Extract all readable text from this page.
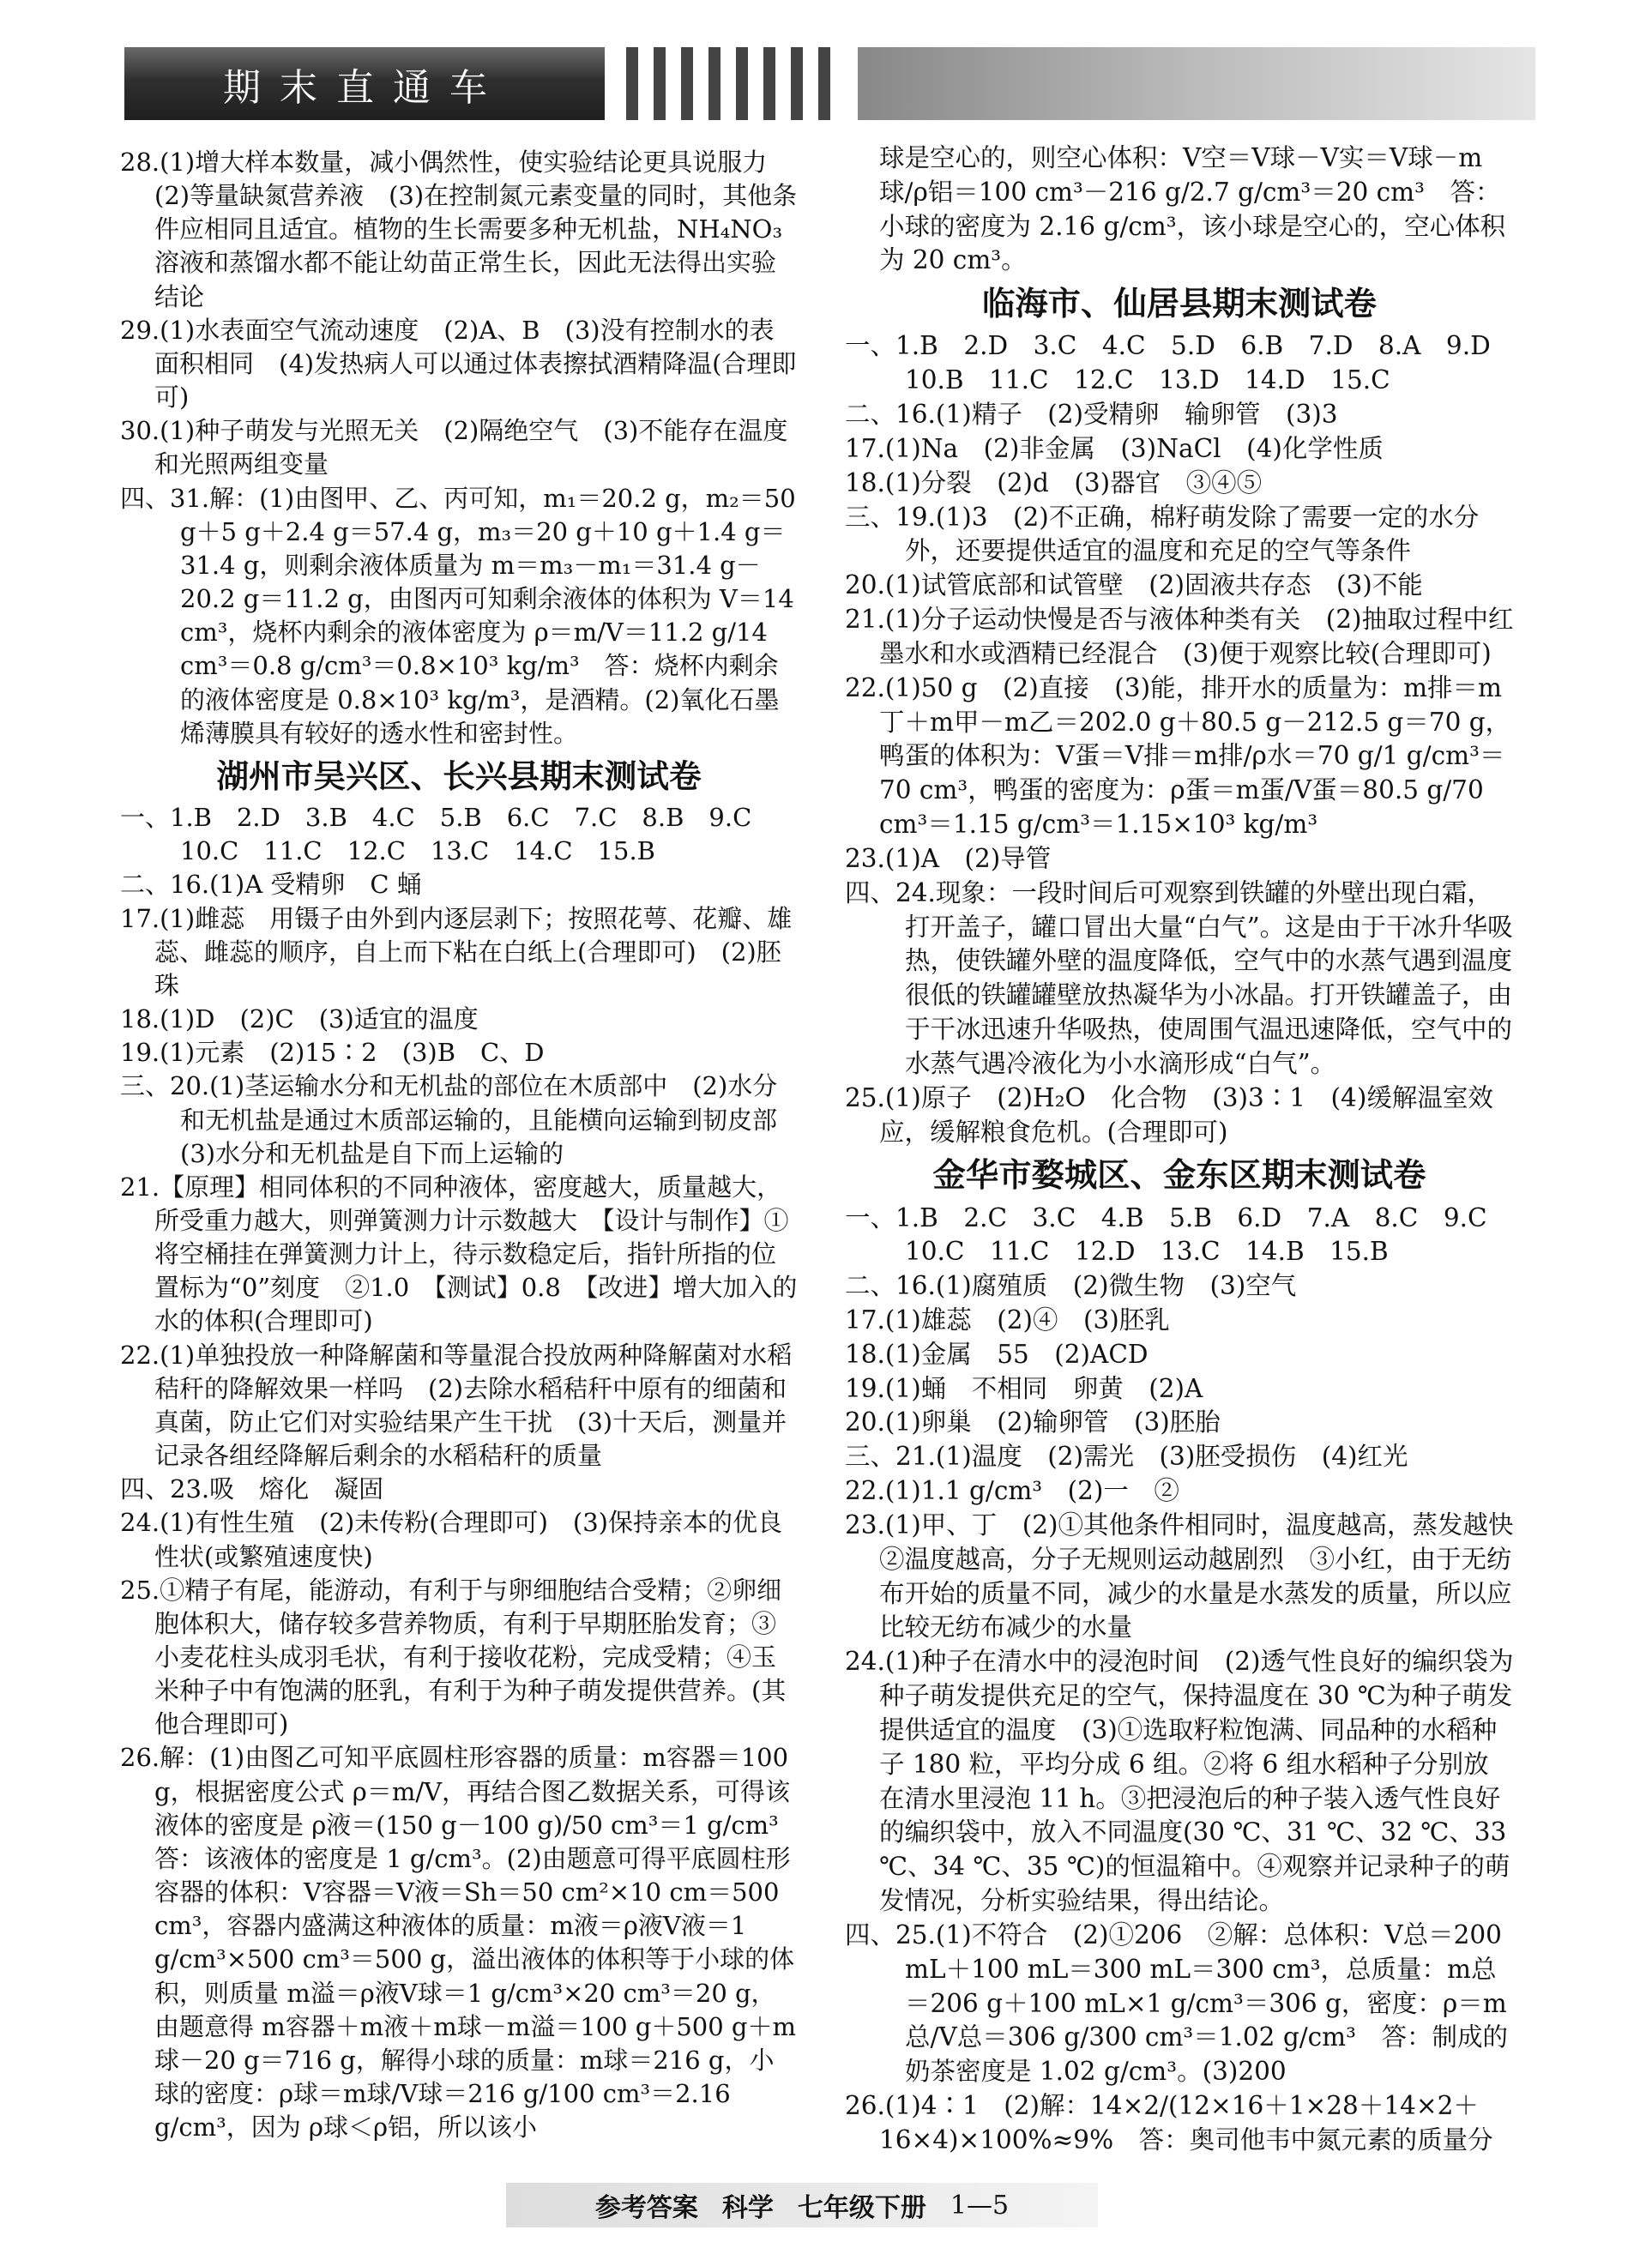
期末直通车

28.(1)增大样本数量，减小偶然性，使实验结论更具说服力　(2)等量缺氮营养液　(3)在控制氮元素变量的同时，其他条件应相同且适宜。植物的生长需要多种无机盐，NH₄NO₃ 溶液和蒸馏水都不能让幼苗正常生长，因此无法得出实验结论

29.(1)水表面空气流动速度　(2)A、B　(3)没有控制水的表面积相同　(4)发热病人可以通过体表擦拭酒精降温(合理即可)

30.(1)种子萌发与光照无关　(2)隔绝空气　(3)不能存在温度和光照两组变量

四、31.解：(1)由图甲、乙、丙可知，m₁＝20.2 g，m₂＝50 g＋5 g＋2.4 g＝57.4 g，m₃＝20 g＋10 g＋1.4 g＝31.4 g，则剩余液体质量为 m＝m₃－m₁＝31.4 g－20.2 g＝11.2 g，由图丙可知剩余液体的体积为 V＝14 cm³，烧杯内剩余的液体密度为 ρ＝m/V＝11.2 g/14 cm³＝0.8 g/cm³＝0.8×10³ kg/m³　答：烧杯内剩余的液体密度是 0.8×10³ kg/m³，是酒精。(2)氧化石墨烯薄膜具有较好的透水性和密封性。

湖州市吴兴区、长兴县期末测试卷

一、1.B　2.D　3.B　4.C　5.B　6.C　7.C　8.B　9.C　10.C　11.C　12.C　13.C　14.C　15.B

二、16.(1)A 受精卵　C 蛹

17.(1)雌蕊　用镊子由外到内逐层剥下；按照花萼、花瓣、雄蕊、雌蕊的顺序，自上而下粘在白纸上(合理即可)　(2)胚珠

18.(1)D　(2)C　(3)适宜的温度

19.(1)元素　(2)15∶2　(3)B　C、D

三、20.(1)茎运输水分和无机盐的部位在木质部中　(2)水分和无机盐是通过木质部运输的，且能横向运输到韧皮部　(3)水分和无机盐是自下而上运输的

21.【原理】相同体积的不同种液体，密度越大，质量越大，所受重力越大，则弹簧测力计示数越大　【设计与制作】①将空桶挂在弹簧测力计上，待示数稳定后，指针所指的位置标为“0”刻度　②1.0　【测试】0.8　【改进】增大加入的水的体积(合理即可)

22.(1)单独投放一种降解菌和等量混合投放两种降解菌对水稻秸秆的降解效果一样吗　(2)去除水稻秸秆中原有的细菌和真菌，防止它们对实验结果产生干扰　(3)十天后，测量并记录各组经降解后剩余的水稻秸秆的质量

四、23.吸　熔化　凝固

24.(1)有性生殖　(2)未传粉(合理即可)　(3)保持亲本的优良性状(或繁殖速度快)

25.①精子有尾，能游动，有利于与卵细胞结合受精；②卵细胞体积大，储存较多营养物质，有利于早期胚胎发育；③小麦花柱头成羽毛状，有利于接收花粉，完成受精；④玉米种子中有饱满的胚乳，有利于为种子萌发提供营养。(其他合理即可)

26.解：(1)由图乙可知平底圆柱形容器的质量：m容器＝100 g，根据密度公式 ρ＝m/V，再结合图乙数据关系，可得该液体的密度是 ρ液＝(150 g－100 g)/50 cm³＝1 g/cm³　答：该液体的密度是 1 g/cm³。(2)由题意可得平底圆柱形容器的体积：V容器＝V液＝Sh＝50 cm²×10 cm＝500 cm³，容器内盛满这种液体的质量：m液＝ρ液V液＝1 g/cm³×500 cm³＝500 g，溢出液体的体积等于小球的体积，则质量 m溢＝ρ液V球＝1 g/cm³×20 cm³＝20 g，由题意得 m容器＋m液＋m球－m溢＝100 g＋500 g＋m球－20 g＝716 g，解得小球的质量：m球＝216 g，小球的密度：ρ球＝m球/V球＝216 g/100 cm³＝2.16 g/cm³，因为 ρ球＜ρ铝，所以该小

球是空心的，则空心体积：V空＝V球－V实＝V球－m球/ρ铝＝100 cm³－216 g/2.7 g/cm³＝20 cm³　答：小球的密度为 2.16 g/cm³，该小球是空心的，空心体积为 20 cm³。

临海市、仙居县期末测试卷

一、1.B　2.D　3.C　4.C　5.D　6.B　7.D　8.A　9.D　10.B　11.C　12.C　13.D　14.D　15.C

二、16.(1)精子　(2)受精卵　输卵管　(3)3

17.(1)Na　(2)非金属　(3)NaCl　(4)化学性质

18.(1)分裂　(2)d　(3)器官　③④⑤

三、19.(1)3　(2)不正确，棉籽萌发除了需要一定的水分外，还要提供适宜的温度和充足的空气等条件

20.(1)试管底部和试管壁　(2)固液共存态　(3)不能

21.(1)分子运动快慢是否与液体种类有关　(2)抽取过程中红墨水和水或酒精已经混合　(3)便于观察比较(合理即可)

22.(1)50 g　(2)直接　(3)能，排开水的质量为：m排＝m丁＋m甲－m乙＝202.0 g＋80.5 g－212.5 g＝70 g，鸭蛋的体积为：V蛋＝V排＝m排/ρ水＝70 g/1 g/cm³＝70 cm³，鸭蛋的密度为：ρ蛋＝m蛋/V蛋＝80.5 g/70 cm³＝1.15 g/cm³＝1.15×10³ kg/m³

23.(1)A　(2)导管

四、24.现象：一段时间后可观察到铁罐的外壁出现白霜，打开盖子，罐口冒出大量“白气”。这是由于干冰升华吸热，使铁罐外壁的温度降低，空气中的水蒸气遇到温度很低的铁罐罐壁放热凝华为小冰晶。打开铁罐盖子，由于干冰迅速升华吸热，使周围气温迅速降低，空气中的水蒸气遇冷液化为小水滴形成“白气”。

25.(1)原子　(2)H₂O　化合物　(3)3∶1　(4)缓解温室效应，缓解粮食危机。(合理即可)

金华市婺城区、金东区期末测试卷

一、1.B　2.C　3.C　4.B　5.B　6.D　7.A　8.C　9.C　10.C　11.C　12.D　13.C　14.B　15.B

二、16.(1)腐殖质　(2)微生物　(3)空气

17.(1)雄蕊　(2)④　(3)胚乳

18.(1)金属　55　(2)ACD

19.(1)蛹　不相同　卵黄　(2)A

20.(1)卵巢　(2)输卵管　(3)胚胎

三、21.(1)温度　(2)需光　(3)胚受损伤　(4)红光

22.(1)1.1 g/cm³　(2)一　②

23.(1)甲、丁　(2)①其他条件相同时，温度越高，蒸发越快　②温度越高，分子无规则运动越剧烈　③小红，由于无纺布开始的质量不同，减少的水量是水蒸发的质量，所以应比较无纺布减少的水量

24.(1)种子在清水中的浸泡时间　(2)透气性良好的编织袋为种子萌发提供充足的空气，保持温度在 30 ℃为种子萌发提供适宜的温度　(3)①选取籽粒饱满、同品种的水稻种子 180 粒，平均分成 6 组。②将 6 组水稻种子分别放在清水里浸泡 11 h。③把浸泡后的种子装入透气性良好的编织袋中，放入不同温度(30 ℃、31 ℃、32 ℃、33 ℃、34 ℃、35 ℃)的恒温箱中。④观察并记录种子的萌发情况，分析实验结果，得出结论。

四、25.(1)不符合　(2)①206　②解：总体积：V总＝200 mL＋100 mL＝300 mL＝300 cm³，总质量：m总＝206 g＋100 mL×1 g/cm³＝306 g，密度：ρ＝m总/V总＝306 g/300 cm³＝1.02 g/cm³　答：制成的奶茶密度是 1.02 g/cm³。(3)200

26.(1)4∶1　(2)解：14×2/(12×16＋1×28＋14×2＋16×4)×100%≈9%　答：奥司他韦中氮元素的质量分

参考答案 科学 七年级下册 1—5
